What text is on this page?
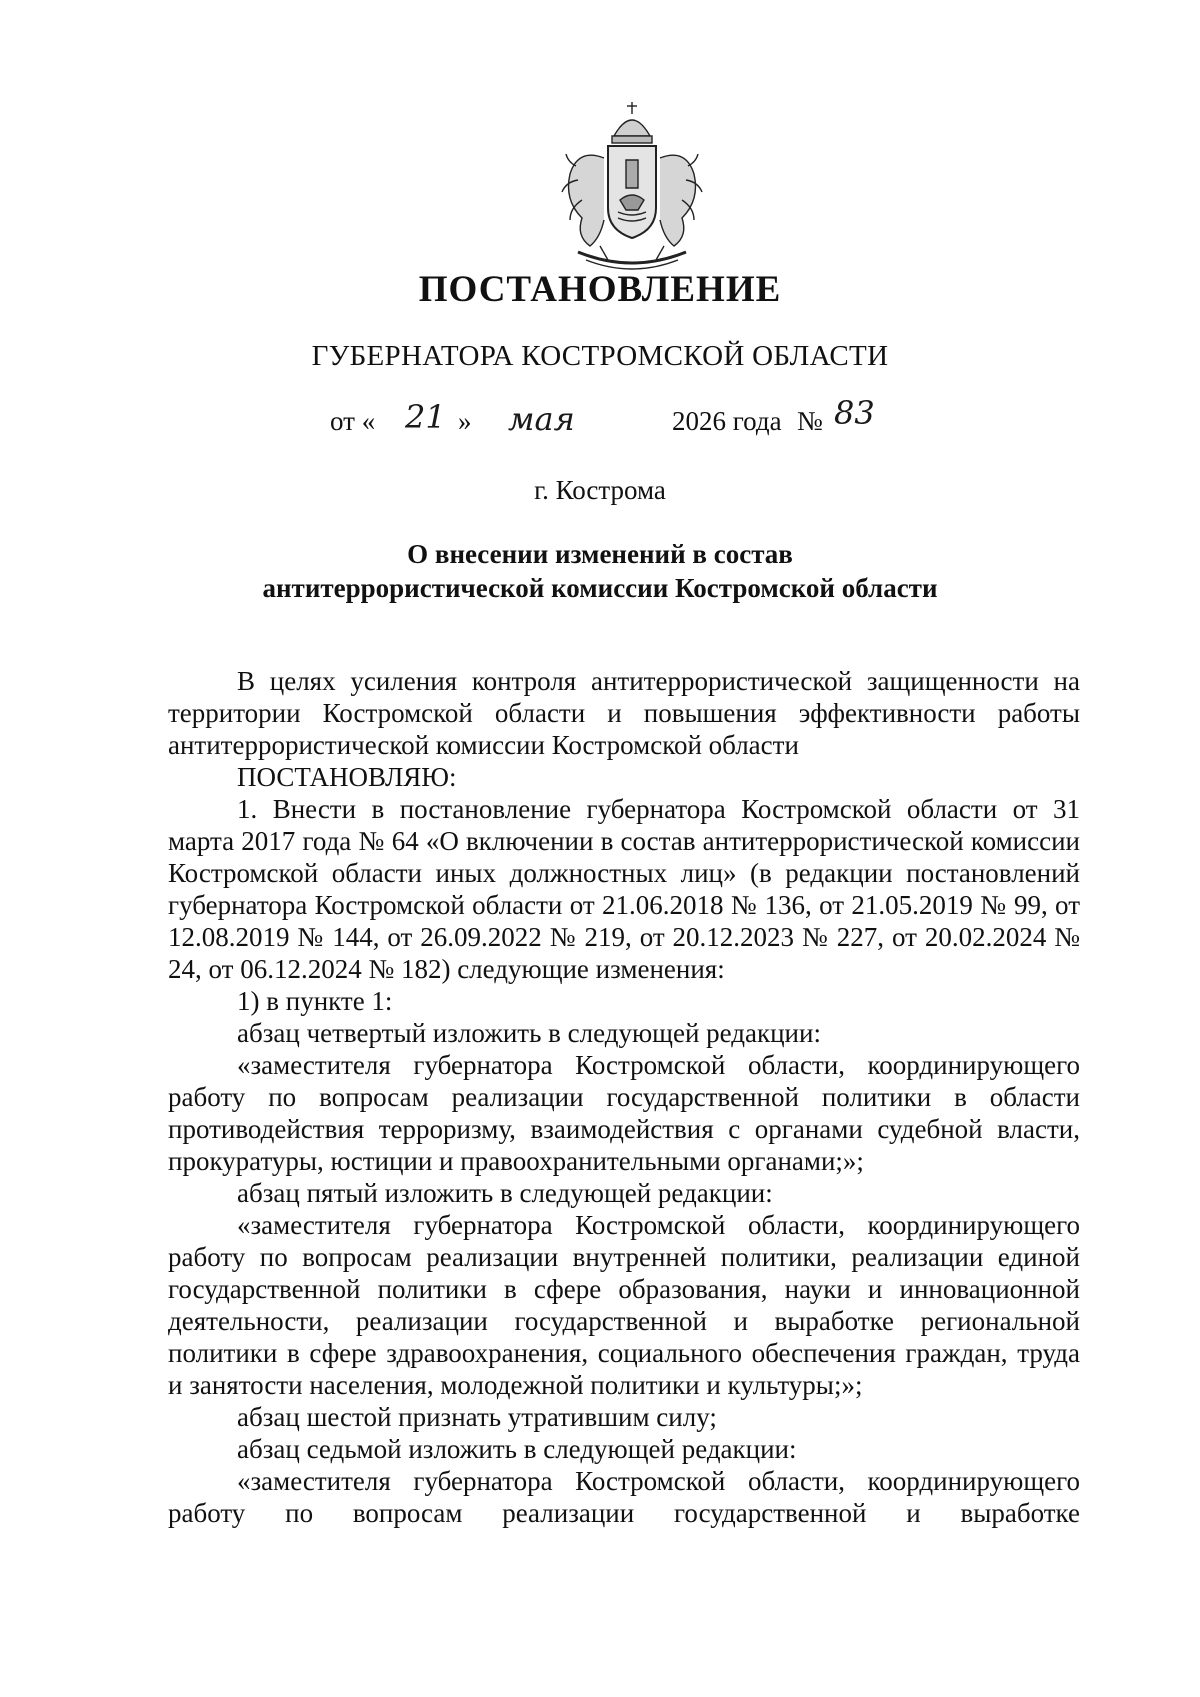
ПОСТАНОВЛЕНИЕ
ГУБЕРНАТОРА КОСТРОМСКОЙ ОБЛАСТИ
от « 21 » мая	2026 года № 83
г. Кострома
О внесении изменений в состав
антитеррористической комиссии Костромской области

В целях усиления контроля антитеррористической защищенности на территории Костромской области и повышения эффективности работы антитеррористической комиссии Костромской области

ПОСТАНОВЛЯЮ:

1. Внести в постановление губернатора Костромской области от 31 марта 2017 года № 64 «О включении в состав антитеррористической комиссии Костромской области иных должностных лиц» (в редакции постановлений губернатора Костромской области от 21.06.2018 № 136, от 21.05.2019 № 99, от 12.08.2019 № 144, от 26.09.2022 № 219, от 20.12.2023 № 227, от 20.02.2024 № 24, от 06.12.2024 № 182) следующие изменения:

1) в пункте 1:

абзац четвертый изложить в следующей редакции:

«заместителя губернатора Костромской области, координирующего работу по вопросам реализации государственной политики в области противодействия терроризму, взаимодействия с органами судебной власти, прокуратуры, юстиции и правоохранительными органами;»;

абзац пятый изложить в следующей редакции:

«заместителя губернатора Костромской области, координирующего работу по вопросам реализации внутренней политики, реализации единой государственной политики в сфере образования, науки и инновационной деятельности, реализации государственной и выработке региональной политики в сфере здравоохранения, социального обеспечения граждан, труда и занятости населения, молодежной политики и культуры;»;

абзац шестой признать утратившим силу;

абзац седьмой изложить в следующей редакции:

«заместителя губернатора Костромской области, координирующего работу по вопросам реализации государственной и выработке
